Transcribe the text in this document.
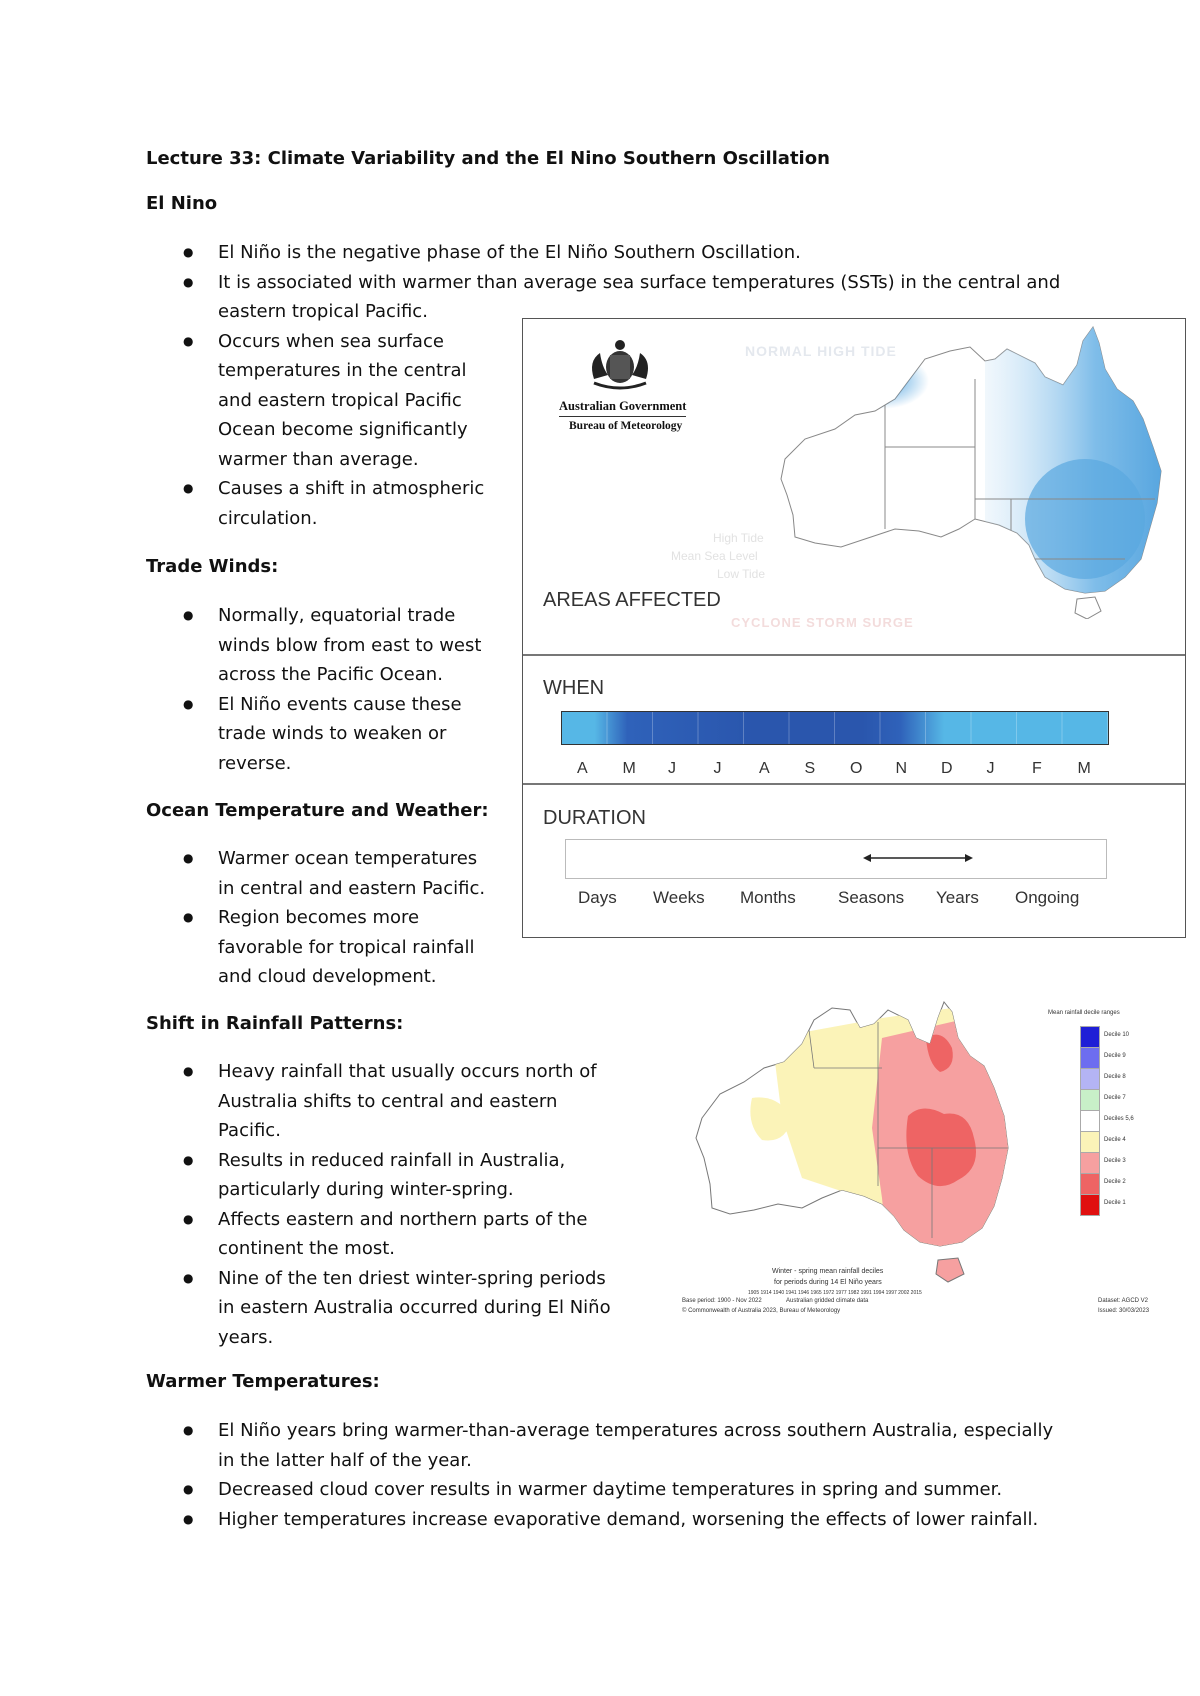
Lecture 33: Climate Variability and the El Nino Southern Oscillation
El Nino
● El Niño is the negative phase of the El Niño Southern Oscillation.
● It is associated with warmer than average sea surface temperatures (SSTs) in the central and
eastern tropical Pacific.
● Occurs when sea surface
temperatures in the central
and eastern tropical Pacific
Ocean become significantly
warmer than average.
● Causes a shift in atmospheric
circulation.
Trade Winds:
● Normally, equatorial trade
winds blow from east to west
across the Pacific Ocean.
● El Niño events cause these
trade winds to weaken or
reverse.
Ocean Temperature and Weather:
● Warmer ocean temperatures
in central and eastern Pacific.
● Region becomes more
favorable for tropical rainfall
and cloud development.
Shift in Rainfall Patterns:
● Heavy rainfall that usually occurs north of
Australia shifts to central and eastern
Pacific.
● Results in reduced rainfall in Australia,
particularly during winter-spring.
● Affects eastern and northern parts of the
continent the most.
● Nine of the ten driest winter-spring periods
in eastern Australia occurred during El Niño
years.
Warmer Temperatures:
● El Niño years bring warmer-than-average temperatures across southern Australia, especially
in the latter half of the year.
● Decreased cloud cover results in warmer daytime temperatures in spring and summer.
● Higher temperatures increase evaporative demand, worsening the effects of lower rainfall.
NORMAL HIGH TIDE
High Tide
Mean Sea Level
Low Tide
CYCLONE STORM SURGE
Australian Government
Bureau of Meteorology
AREAS AFFECTED
WHEN
DURATION
A M J J A S O N D J F M
Days Weeks Months Seasons Years Ongoing
Mean rainfall decile ranges
Decile 10
Decile 9
Decile 8
Decile 7
Deciles 5,6
Decile 4
Decile 3
Decile 2
Decile 1
Winter - spring mean rainfall deciles
for periods during 14 El Niño years
1905 1914 1940 1941 1946 1965 1972 1977 1982 1991 1994 1997 2002 2015
Australian gridded climate data
Base period: 1900 - Nov 2022
© Commonwealth of Australia 2023, Bureau of Meteorology
Dataset: AGCD V2
Issued: 30/03/2023
